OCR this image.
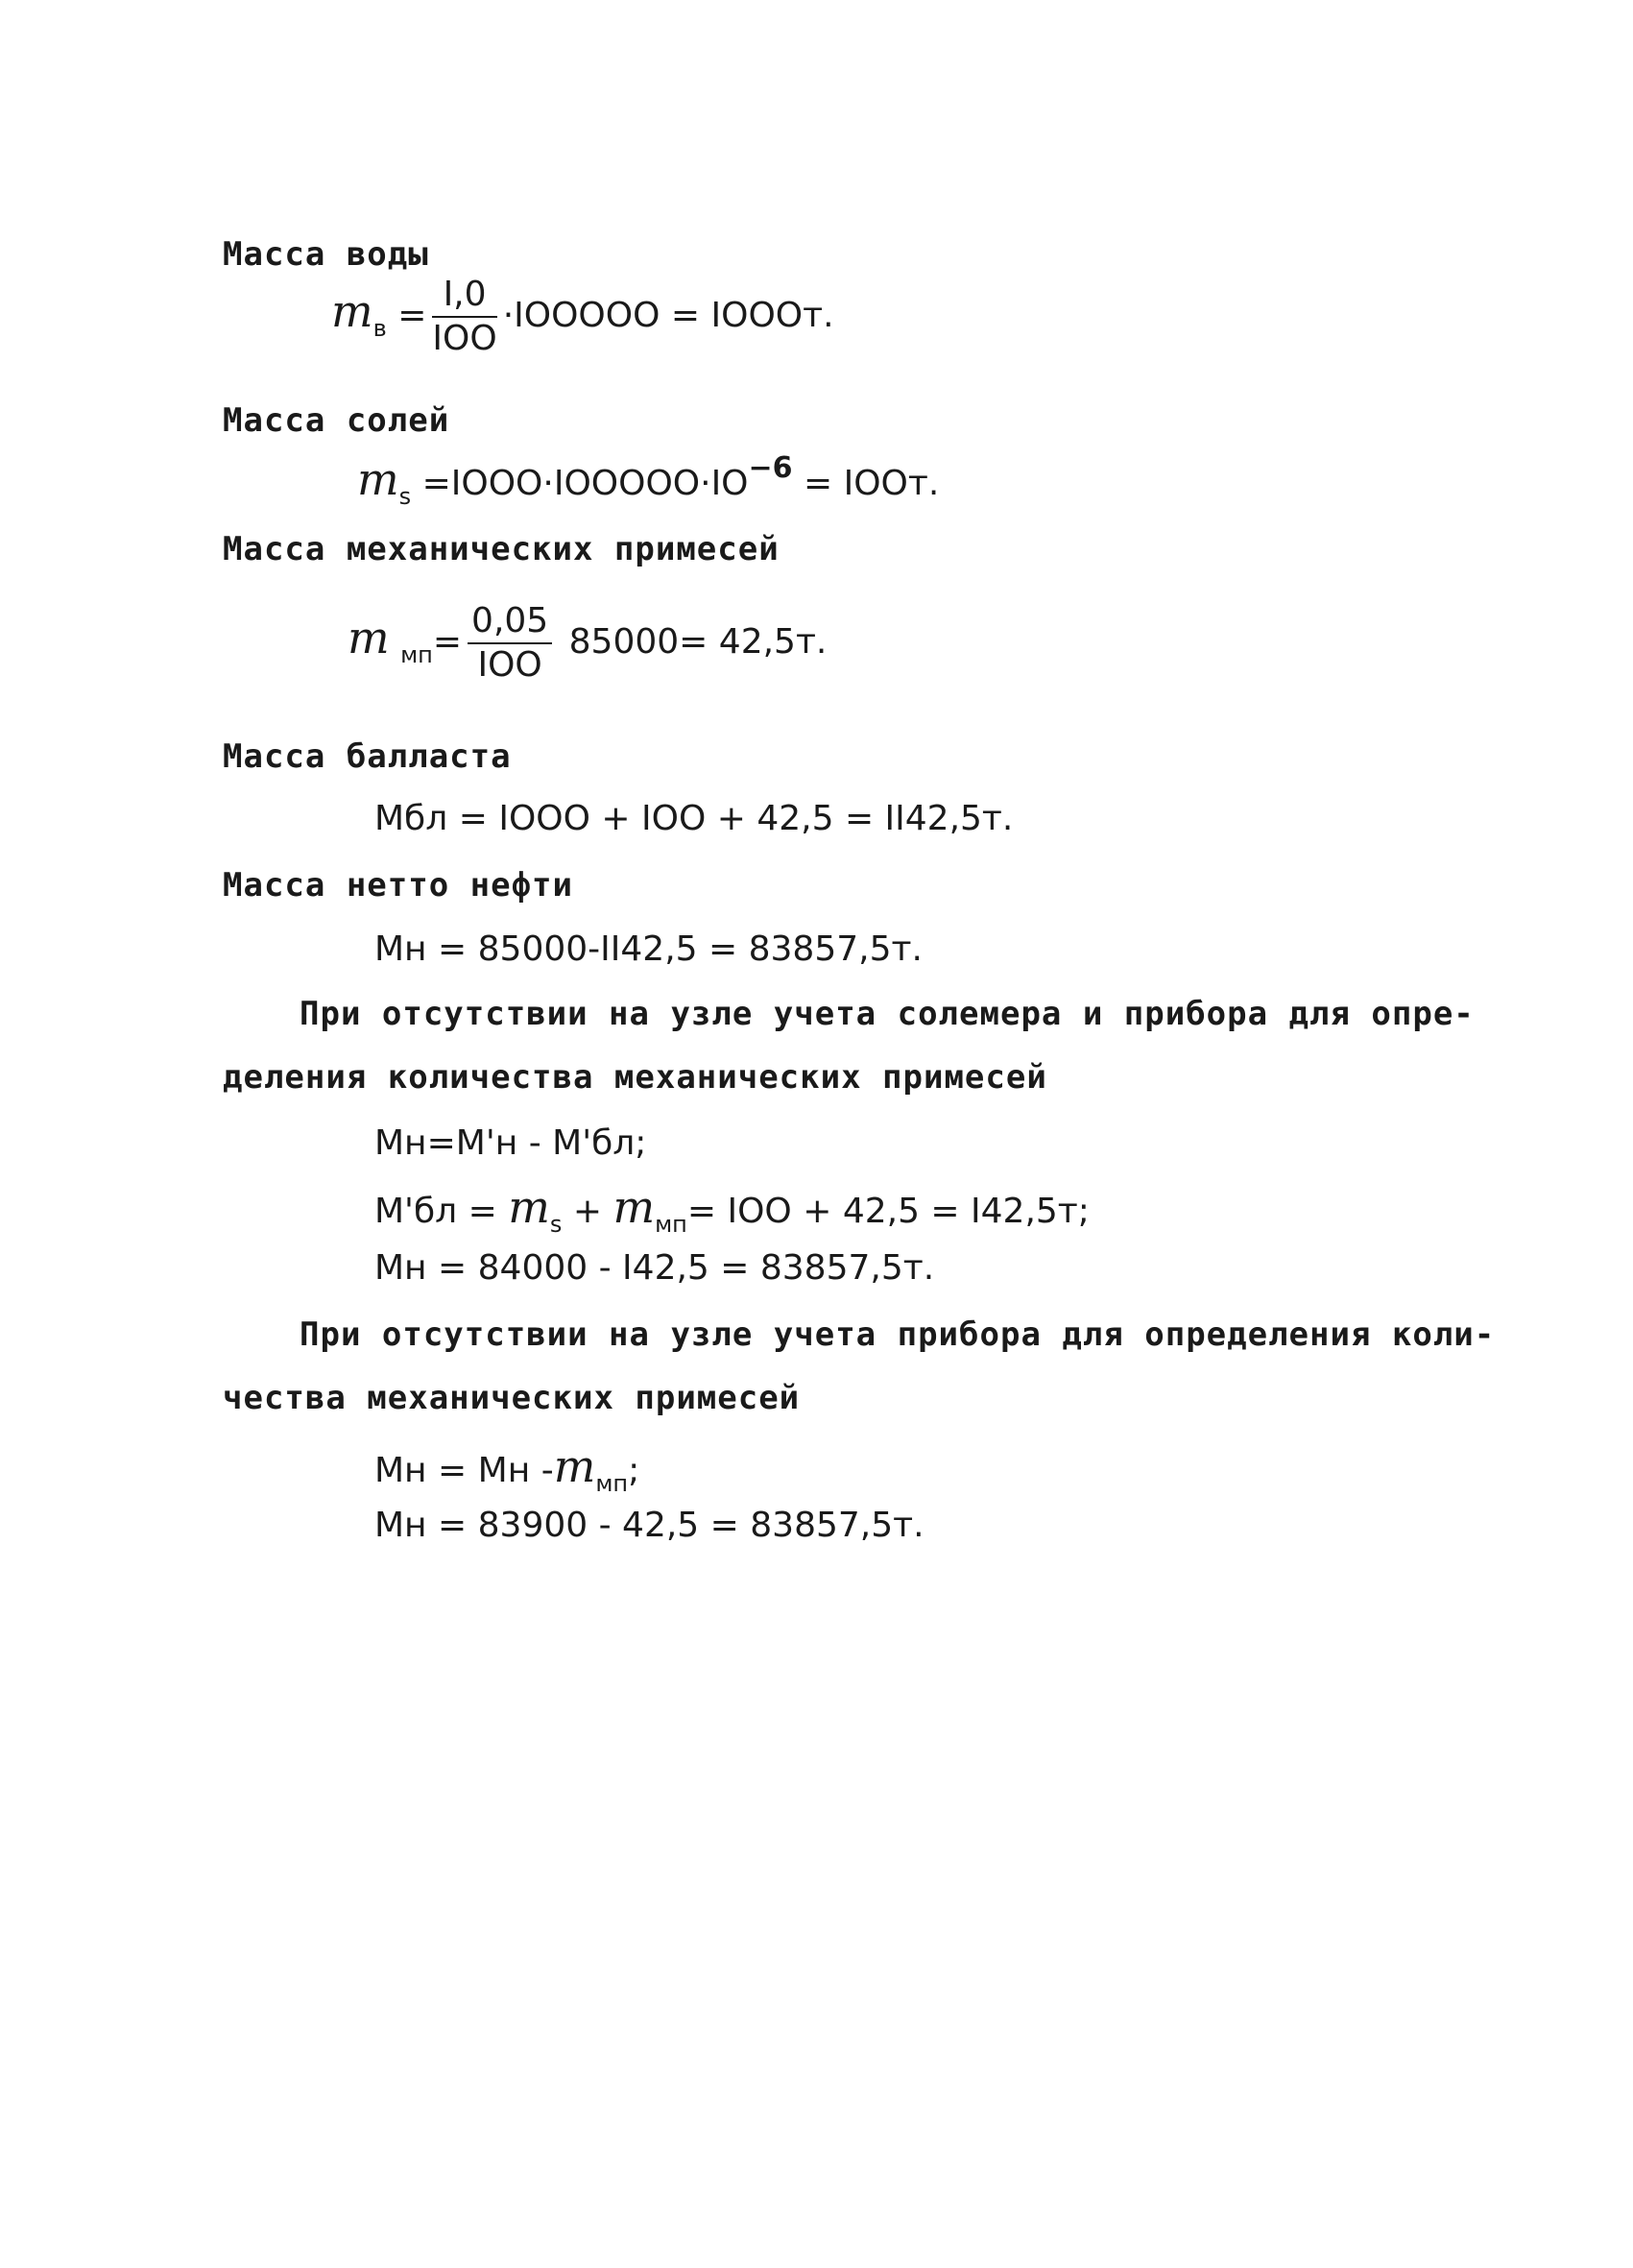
Масса воды
$m_в = \frac{I,0}{\text{IOO}}$ ·IOOOOO = IOOOт.
Масса солей
$m_s$ $=IOOO\cdot IOOOOO\cdot IO^{-6}$ = IOOт.
Масса механических примесей
m $_{мп}= \frac{0,05}{\text{IOO}} 85000= 42,5т$.
Масса балласта
Мбл = IOOO + IOO + 42,5 = II42,5т.
Масса нетто нефти
Мн = 85000-II42,5 = 83857,5т.
При отсутствии на узле учета солемера и прибора для опре-
деления количества механических примесей
Мн=М'н - М'бл;
$М'бл = m_s + m_{мп}=$ IOO + 42,5 = I42,5т;
Мн = 84000 - I42,5 = 83857,5т.
При отсутствии на узле учета прибора для определения коли-
чества механических примесей
Мн = Мн $-m_{мп}$;
Мн = 83900 - 42,5 = 83857,5т.
